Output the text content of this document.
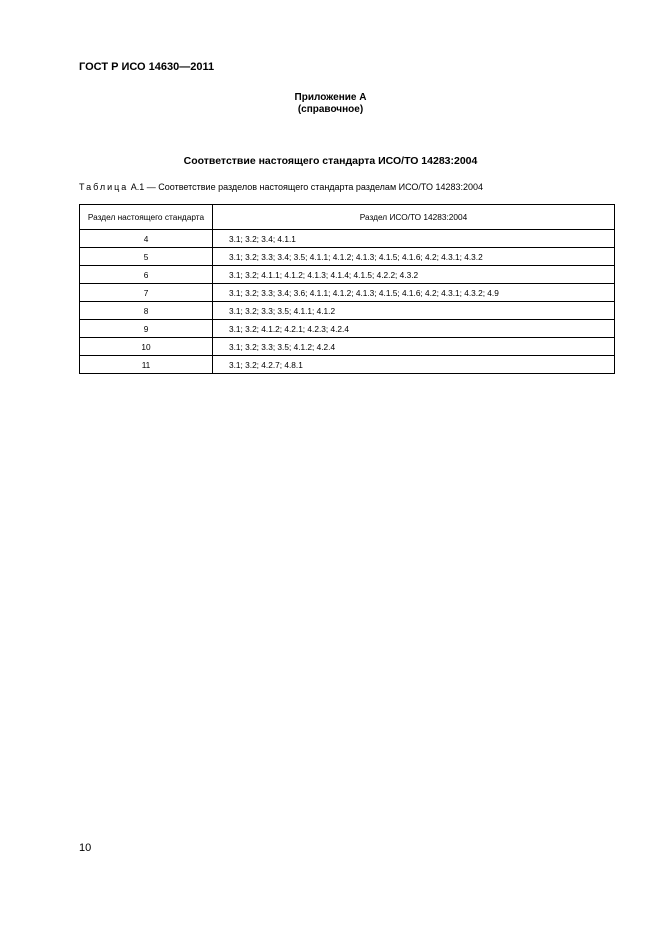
ГОСТ Р ИСО 14630—2011
Приложение А
(справочное)
Соответствие настоящего стандарта ИСО/ТО 14283:2004
Таблица А.1 — Соответствие разделов настоящего стандарта разделам ИСО/ТО 14283:2004
Раздел настоящего стандарта	Раздел ИСО/ТО 14283:2004
4	3.1; 3.2; 3.4; 4.1.1
5	3.1; 3.2; 3.3; 3.4; 3.5; 4.1.1; 4.1.2; 4.1.3; 4.1.5; 4.1.6; 4.2; 4.3.1; 4.3.2
6	3.1; 3.2; 4.1.1; 4.1.2; 4.1.3; 4.1.4; 4.1.5; 4.2.2; 4.3.2
7	3.1; 3.2; 3.3; 3.4; 3.6; 4.1.1; 4.1.2; 4.1.3; 4.1.5; 4.1.6; 4.2; 4.3.1; 4.3.2; 4.9
8	3.1; 3.2; 3.3; 3.5; 4.1.1; 4.1.2
9	3.1; 3.2; 4.1.2; 4.2.1; 4.2.3; 4.2.4
10	3.1; 3.2; 3.3; 3.5; 4.1.2; 4.2.4
11	3.1; 3.2; 4.2.7; 4.8.1
10
